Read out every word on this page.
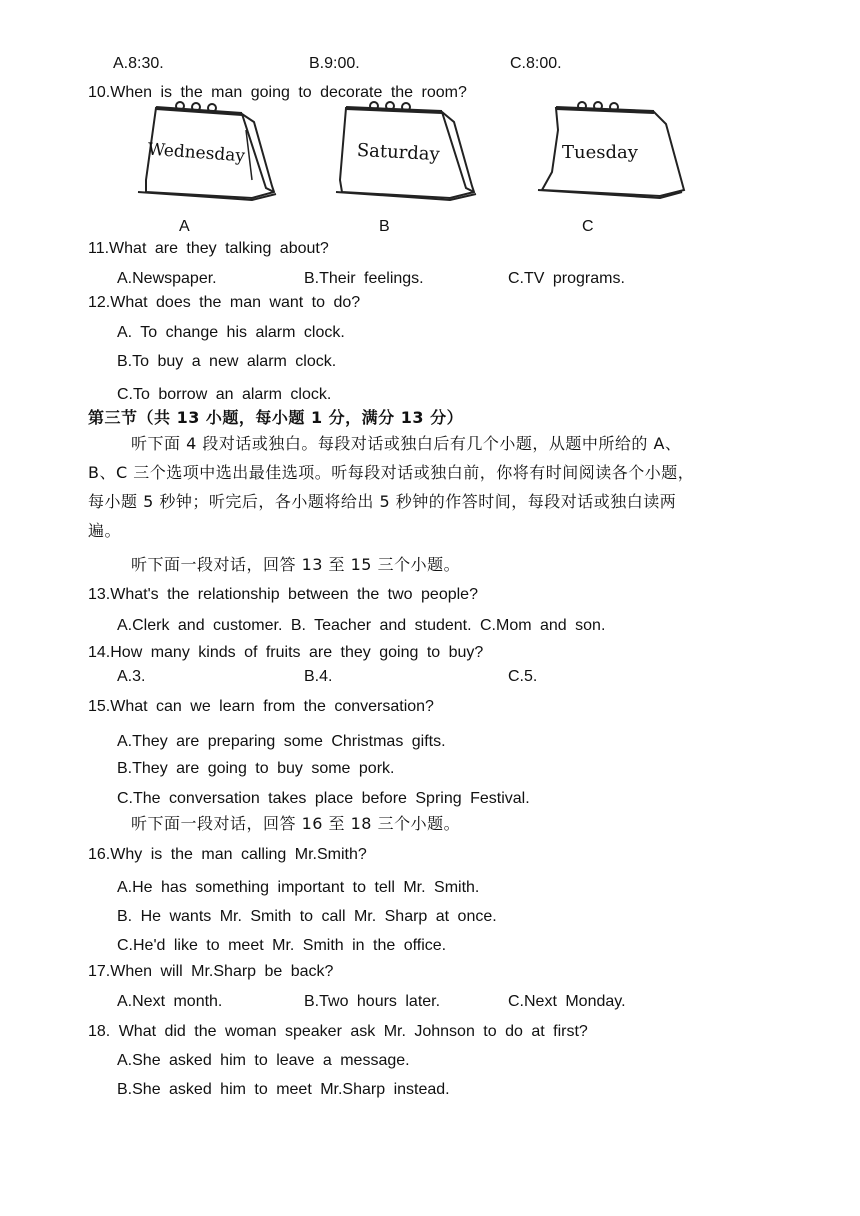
A.8:30.	B.9:00.	C.8:00.
10.When is the man going to decorate the room?
Wednesday	Saturday	Tuesday
A	B	C
11.What are they talking about?
A.Newspaper.	B.Their feelings.	C.TV programs.
12.What does the man want to do?
A. To change his alarm clock.
B.To buy a new alarm clock.
C.To borrow an alarm clock.
第三节（共 13 小题，每小题 1 分，满分 13 分）
听下面 4 段对话或独白。每段对话或独白后有几个小题，从题中所给的 A、
B、C 三个选项中选出最佳选项。听每段对话或独白前，你将有时间阅读各个小题，
每小题 5 秒钟；听完后，各小题将给出 5 秒钟的作答时间，每段对话或独白读两
遍。
听下面一段对话，回答 13 至 15 三个小题。
13.What's the relationship between the two people?
A.Clerk and customer. B. Teacher and student. C.Mom and son.
14.How many kinds of fruits are they going to buy?
A.3.	B.4.	C.5.
15.What can we learn from the conversation?
A.They are preparing some Christmas gifts.
B.They are going to buy some pork.
C.The conversation takes place before Spring Festival.
听下面一段对话，回答 16 至 18 三个小题。
16.Why is the man calling Mr.Smith?
A.He has something important to tell Mr. Smith.
B. He wants Mr. Smith to call Mr. Sharp at once.
C.He'd like to meet Mr. Smith in the office.
17.When will Mr.Sharp be back?
A.Next month.	B.Two hours later.	C.Next Monday.
18. What did the woman speaker ask Mr. Johnson to do at first?
A.She asked him to leave a message.
B.She asked him to meet Mr.Sharp instead.
